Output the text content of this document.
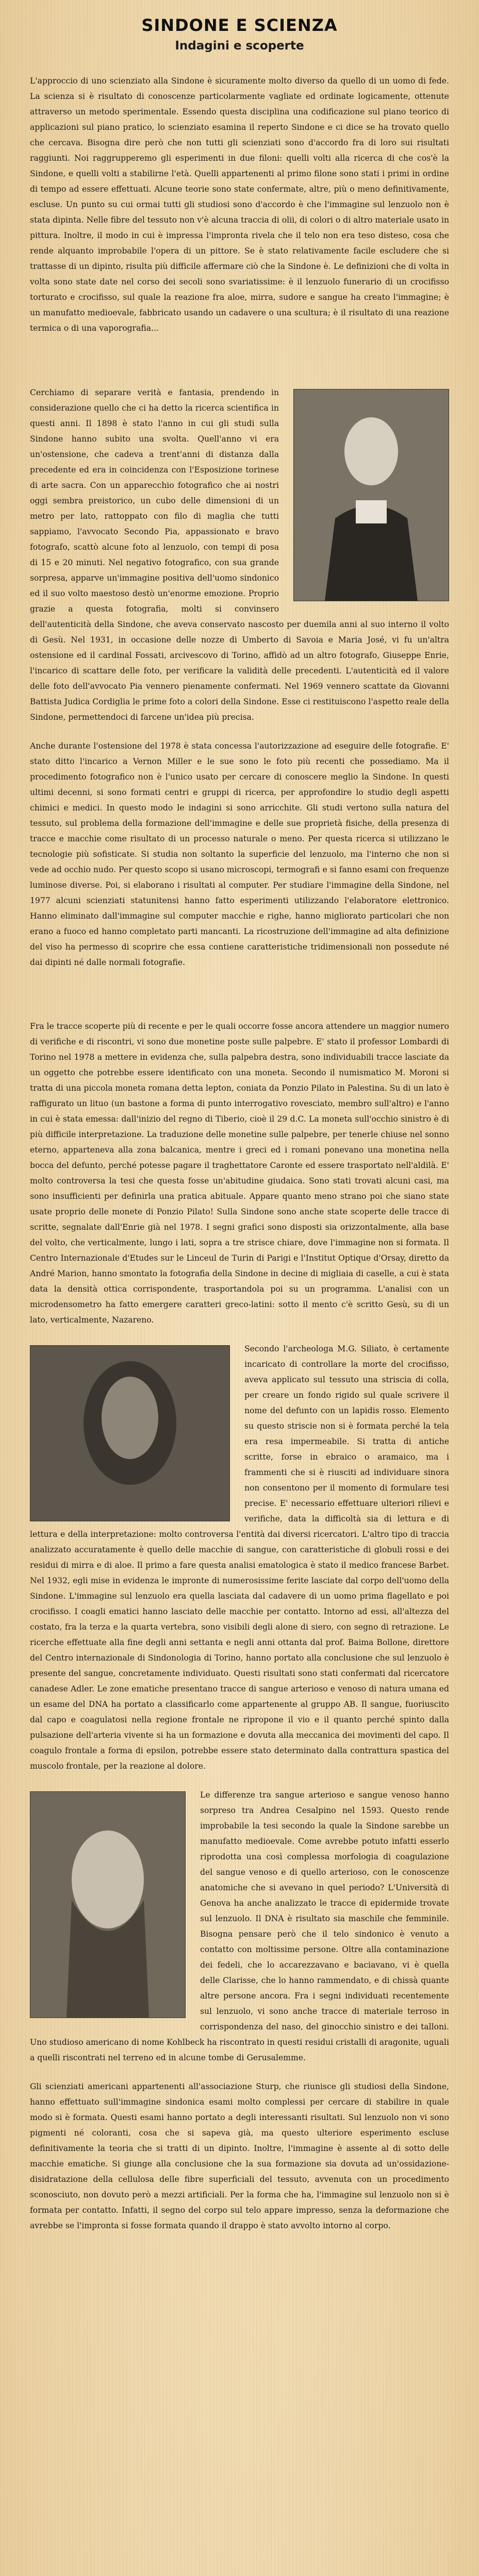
SINDONE E SCIENZA
Indagini e scoperte
L'approccio di uno scienziato alla Sindone è sicuramente molto diverso da quello di un uomo di fede. La scienza si è risultato di conoscenze particolarmente vagliate ed ordinate logicamente, ottenute attraverso un metodo sperimentale. Essendo questa disciplina una codificazione sul piano teorico di applicazioni sul piano pratico, lo scienziato esamina il reperto Sindone e ci dice se ha trovato quello che cercava. Bisogna dire però che non tutti gli scienziati sono d'accordo fra di loro sui risultati raggiunti. Noi raggrupperemo gli esperimenti in due filoni: quelli volti alla ricerca di che cos'è la Sindone, e quelli volti a stabilirne l'età. Quelli appartenenti al primo filone sono stati i primi in ordine di tempo ad essere effettuati. Alcune teorie sono state confermate, altre, più o meno definitivamente, escluse. Un punto su cui ormai tutti gli studiosi sono d'accordo è che l'immagine sul lenzuolo non è stata dipinta. Nelle fibre del tessuto non v'è alcuna traccia di olii, di colori o di altro materiale usato in pittura. Inoltre, il modo in cui è impressa l'impronta rivela che il telo non era teso disteso, cosa che rende alquanto improbabile l'opera di un pittore. Se è stato relativamente facile escludere che si trattasse di un dipinto, risulta più difficile affermare ciò che la Sindone è. Le definizioni che di volta in volta sono state date nel corso dei secoli sono svariatissime: è il lenzuolo funerario di un crocifisso torturato e crocifisso, sul quale la reazione fra aloe, mirra, sudore e sangue ha creato l'immagine; è un manufatto medioevale, fabbricato usando un cadavere o una scultura; è il risultato di una reazione termica o di una vaporografia...
Cerchiamo di separare verità e fantasia, prendendo in considerazione quello che ci ha detto la ricerca scientifica in questi anni. Il 1898 è stato l'anno in cui gli studi sulla Sindone hanno subito una svolta. Quell'anno vi era un'ostensione, che cadeva a trent'anni di distanza dalla precedente ed era in coincidenza con l'Esposizione torinese di arte sacra. Con un apparecchio fotografico che ai nostri oggi sembra preistorico, un cubo delle dimensioni di un metro per lato, rattoppato con filo di maglia che tutti sappiamo, l'avvocato Secondo Pia, appassionato e bravo fotografo, scattò alcune foto al lenzuolo, con tempi di posa di 15 e 20 minuti. Nel negativo fotografico, con sua grande sorpresa, apparve un'immagine positiva dell'uomo sindonico ed il suo volto maestoso destò un'enorme emozione. Proprio grazie a questa fotografia, molti si convinsero dell'autenticità della Sindone, che aveva conservato nascosto per duemila anni al suo interno il volto di Gesù. Nel 1931, in occasione delle nozze di Umberto di Savoia e Maria José, vi fu un'altra ostensione ed il cardinal Fossati, arcivescovo di Torino, affidò ad un altro fotografo, Giuseppe Enrie, l'incarico di scattare delle foto, per verificare la validità delle precedenti. L'autenticità ed il valore delle foto dell'avvocato Pia vennero pienamente confermati. Nel 1969 vennero scattate da Giovanni Battista Judica Cordiglia le prime foto a colori della Sindone. Esse ci restituiscono l'aspetto reale della Sindone, permettendoci di farcene un'idea più precisa.
Anche durante l'ostensione del 1978 è stata concessa l'autorizzazione ad eseguire delle fotografie. E' stato ditto l'incarico a Vernon Miller e le sue sono le foto più recenti che possediamo. Ma il procedimento fotografico non è l'unico usato per cercare di conoscere meglio la Sindone. In questi ultimi decenni, si sono formati centri e gruppi di ricerca, per approfondire lo studio degli aspetti chimici e medici. In questo modo le indagini si sono arricchite. Gli studi vertono sulla natura del tessuto, sul problema della formazione dell'immagine e delle sue proprietà fisiche, della presenza di tracce e macchie come risultato di un processo naturale o meno. Per questa ricerca si utilizzano le tecnologie più sofisticate. Si studia non soltanto la superficie del lenzuolo, ma l'interno che non si vede ad occhio nudo. Per questo scopo si usano microscopi, termografi e si fanno esami con frequenze luminose diverse. Poi, si elaborano i risultati al computer. Per studiare l'immagine della Sindone, nel 1977 alcuni scienziati statunitensi hanno fatto esperimenti utilizzando l'elaboratore elettronico. Hanno eliminato dall'immagine sul computer macchie e righe, hanno migliorato particolari che non erano a fuoco ed hanno completato parti mancanti. La ricostruzione dell'immagine ad alta definizione del viso ha permesso di scoprire che essa contiene caratteristiche tridimensionali non possedute né dai dipinti né dalle normali fotografie.
Fra le tracce scoperte più di recente e per le quali occorre fosse ancora attendere un maggior numero di verifiche e di riscontri, vi sono due monetine poste sulle palpebre. E' stato il professor Lombardi di Torino nel 1978 a mettere in evidenza che, sulla palpebra destra, sono individuabili tracce lasciate da un oggetto che potrebbe essere identificato con una moneta. Secondo il numismatico M. Moroni si tratta di una piccola moneta romana detta lepton, coniata da Ponzio Pilato in Palestina. Su di un lato è raffigurato un lituo (un bastone a forma di punto interrogativo rovesciato, membro sull'altro) e l'anno in cui è stata emessa: dall'inizio del regno di Tiberio, cioè il 29 d.C. La moneta sull'occhio sinistro è di più difficile interpretazione. La traduzione delle monetine sulle palpebre, per tenerle chiuse nel sonno eterno, apparteneva alla zona balcanica, mentre i greci ed i romani ponevano una monetina nella bocca del defunto, perché potesse pagare il traghettatore Caronte ed essere trasportato nell'aldilà. E' molto controversa la tesi che questa fosse un'abitudine giudaica. Sono stati trovati alcuni casi, ma sono insufficienti per definirla una pratica abituale. Appare quanto meno strano poi che siano state usate proprio delle monete di Ponzio Pilato! Sulla Sindone sono anche state scoperte delle tracce di scritte, segnalate dall'Enrie già nel 1978. I segni grafici sono disposti sia orizzontalmente, alla base del volto, che verticalmente, lungo i lati, sopra a tre strisce chiare, dove l'immagine non si formata. Il Centro Internazionale d'Etudes sur le Linceul de Turin di Parigi e l'Institut Optique d'Orsay, diretto da André Marion, hanno smontato la fotografia della Sindone in decine di migliaia di caselle, a cui è stata data la densità ottica corrispondente, trasportandola poi su un programma. L'analisi con un microdensometro ha fatto emergere caratteri greco-latini: sotto il mento c'è scritto Gesù, su di un lato, verticalmente, Nazareno.
Secondo l'archeologa M.G. Siliato, è certamente incaricato di controllare la morte del crocifisso, aveva applicato sul tessuto una striscia di colla, per creare un fondo rigido sul quale scrivere il nome del defunto con un lapidis rosso. Elemento su questo striscie non si è formata perché la tela era resa impermeabile. Si tratta di antiche scritte, forse in ebraico o aramaico, ma i frammenti che si è riusciti ad individuare sinora non consentono per il momento di formulare tesi precise. E' necessario effettuare ulteriori rilievi e verifiche, data la difficoltà sia di lettura e di lettura e della interpretazione: molto controversa l'entità dai diversi ricercatori. L'altro tipo di traccia analizzato accuratamente è quello delle macchie di sangue, con caratteristiche di globuli rossi e dei residui di mirra e di aloe. Il primo a fare questa analisi ematologica è stato il medico francese Barbet. Nel 1932, egli mise in evidenza le impronte di numerosissime ferite lasciate dal corpo dell'uomo della Sindone. L'immagine sul lenzuolo era quella lasciata dal cadavere di un uomo prima flagellato e poi crocifisso. I coagli ematici hanno lasciato delle macchie per contatto. Intorno ad essi, all'altezza del costato, fra la terza e la quarta vertebra, sono visibili degli alone di siero, con segno di retrazione. Le ricerche effettuate alla fine degli anni settanta e negli anni ottanta dal prof. Baima Bollone, direttore del Centro internazionale di Sindonologia di Torino, hanno portato alla conclusione che sul lenzuolo è presente del sangue, concretamente individuato. Questi risultati sono stati confermati dal ricercatore canadese Adler. Le zone ematiche presentano tracce di sangue arterioso e venoso di natura umana ed un esame del DNA ha portato a classificarlo come appartenente al gruppo AB. Il sangue, fuoriuscito dal capo e coagulatosi nella regione frontale ne ripropone il vio e il quanto perché spinto dalla pulsazione dell'arteria vivente si ha un formazione e dovuta alla meccanica dei movimenti del capo. Il coagulo frontale a forma di epsilon, potrebbe essere stato determinato dalla contrattura spastica del muscolo frontale, per la reazione al dolore.
Le differenze tra sangue arterioso e sangue venoso hanno sorpreso tra Andrea Cesalpino nel 1593. Questo rende improbabile la tesi secondo la quale la Sindone sarebbe un manufatto medioevale. Come avrebbe potuto infatti esserlo riprodotta una così complessa morfologia di coagulazione del sangue venoso e di quello arterioso, con le conoscenze anatomiche che si avevano in quel periodo? L'Università di Genova ha anche analizzato le tracce di epidermide trovate sul lenzuolo. Il DNA è risultato sia maschile che femminile. Bisogna pensare però che il telo sindonico è venuto a contatto con moltissime persone. Oltre alla contaminazione dei fedeli, che lo accarezzavano e baciavano, vi è quella delle Clarisse, che lo hanno rammendato, e di chissà quante altre persone ancora. Fra i segni individuati recentemente sul lenzuolo, vi sono anche tracce di materiale terroso in corrispondenza del naso, del ginocchio sinistro e dei talloni. Uno studioso americano di nome Kohlbeck ha riscontrato in questi residui cristalli di aragonite, uguali a quelli riscontrati nel terreno ed in alcune tombe di Gerusalemme.
Gli scienziati americani appartenenti all'associazione Sturp, che riunisce gli studiosi della Sindone, hanno effettuato sull'immagine sindonica esami molto complessi per cercare di stabilire in quale modo si è formata. Questi esami hanno portato a degli interessanti risultati. Sul lenzuolo non vi sono pigmenti né coloranti, cosa che si sapeva già, ma questo ulteriore esperimento escluse definitivamente la teoria che si tratti di un dipinto. Inoltre, l'immagine è assente al di sotto delle macchie ematiche. Si giunge alla conclusione che la sua formazione sia dovuta ad un'ossidazione-disidratazione della cellulosa delle fibre superficiali del tessuto, avvenuta con un procedimento sconosciuto, non dovuto però a mezzi artificiali. Per la forma che ha, l'immagine sul lenzuolo non si è formata per contatto. Infatti, il segno del corpo sul telo appare impresso, senza la deformazione che avrebbe se l'impronta si fosse formata quando il drappo è stato avvolto intorno al corpo.
